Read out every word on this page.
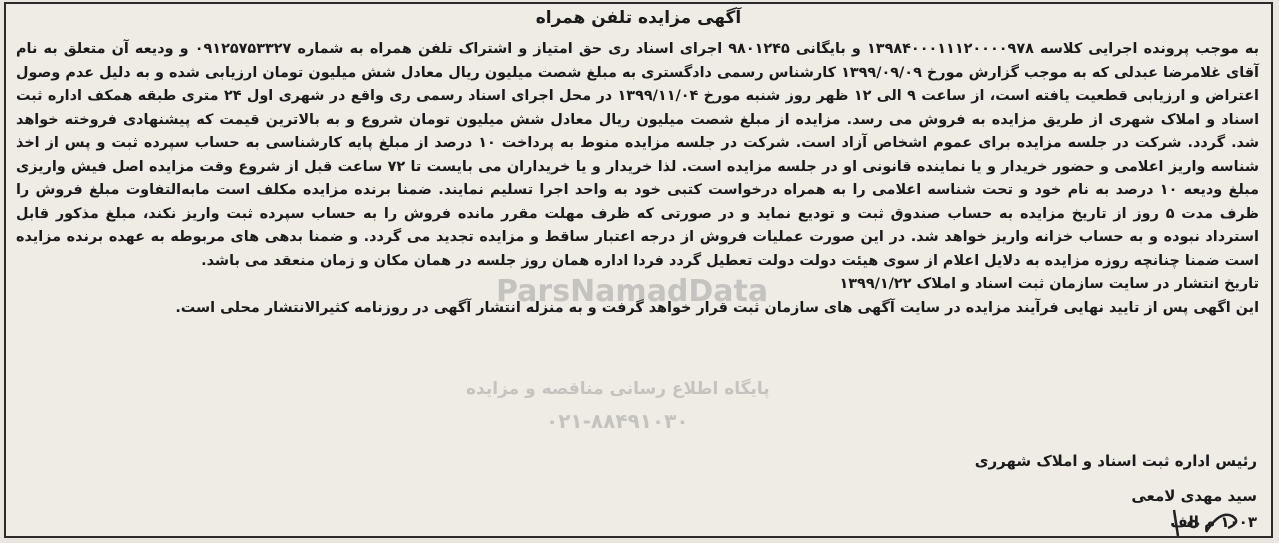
آگهی مزایده تلفن همراه

به موجب پرونده اجرایی کلاسه ۱۳۹۸۴۰۰۰۱۱۱۲۰۰۰۰۹۷۸ و بایگانی ۹۸۰۱۲۴۵ اجرای اسناد ری حق امتیاز و اشتراک تلفن همراه به شماره ۰۹۱۲۵۷۵۳۳۲۷ و ودیعه آن متعلق به نام آقای غلامرضا عبدلی که به موجب گزارش مورخ ۱۳۹۹/۰۹/۰۹ کارشناس رسمی دادگستری به مبلغ شصت میلیون ریال معادل شش میلیون تومان ارزیابی شده و به دلیل عدم وصول اعتراض و ارزیابی قطعیت یافته است، از ساعت ۹ الی ۱۲ ظهر روز شنبه مورخ ۱۳۹۹/۱۱/۰۴ در محل اجرای اسناد رسمی ری واقع در شهری اول ۲۴ متری طبقه همکف اداره ثبت اسناد و املاک شهری از طریق مزایده به فروش می رسد. مزایده از مبلغ شصت میلیون ریال معادل شش میلیون تومان شروع و به بالاترین قیمت که پیشنهادی فروخته خواهد شد. گردد. شرکت در جلسه مزایده برای عموم اشخاص آزاد است. شرکت در جلسه مزایده منوط به پرداخت ۱۰ درصد از مبلغ پایه کارشناسی به حساب سپرده ثبت و پس از اخذ شناسه واریز اعلامی و حضور خریدار و یا نماینده قانونی او در جلسه مزایده است. لذا خریدار و یا خریداران می بایست تا ۷۲ ساعت قبل از شروع وقت مزایده اصل فیش واریزی مبلغ ودیعه ۱۰ درصد به نام خود و تحت شناسه اعلامی را به همراه درخواست کتبی خود به واحد اجرا تسلیم نمایند. ضمنا برنده مزایده مکلف است مابه‌التفاوت مبلغ فروش را ظرف مدت ۵ روز از تاریخ مزایده به حساب صندوق ثبت و تودیع نماید و در صورتی که ظرف مهلت مقرر مانده فروش را به حساب سپرده ثبت واریز نکند، مبلغ مذکور قابل استرداد نبوده و به حساب خزانه واریز خواهد شد. در این صورت عملیات فروش از درجه اعتبار ساقط و مزایده تجدید می گردد. و ضمنا بدهی های مربوطه به عهده برنده مزایده است ضمنا چنانچه روزه مزایده به دلایل اعلام از سوی هیئت دولت دولت تعطیل گردد فردا اداره همان روز جلسه در همان مکان و زمان منعقد می باشد.

تاریخ انتشار در سایت سازمان ثبت اسناد و املاک ۱۳۹۹/۱/۲۲

این اگهی پس از تایید نهایی فرآیند مزایده در سایت آگهی های سازمان ثبت قرار خواهد گرفت و به منزله انتشار آگهی در روزنامه کثیرالانتشار محلی است.

رئیس اداره ثبت اسناد و املاک شهرری
سید مهدی لامعی
۱۰۰۳ م الف
ParsNamadData
پایگاه اطلاع رسانی مناقصه و مزایده
۰۲۱-۸۸۴۹۱۰۳۰
